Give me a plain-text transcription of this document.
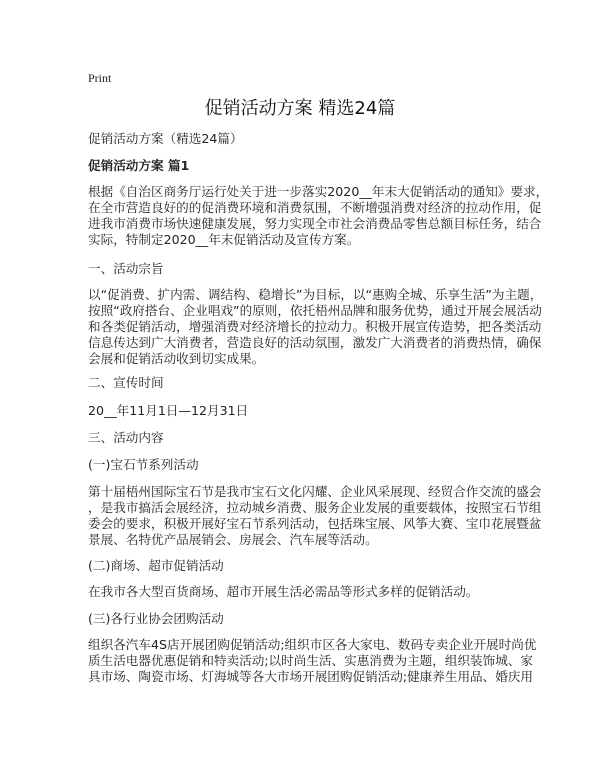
Print
促销活动方案 精选24篇
促销活动方案（精选24篇）
促销活动方案 篇1
根据《自治区商务厅运行处关于进一步落实2020__年末大促销活动的通知》要求，
在全市营造良好的的促消费环境和消费氛围，不断增强消费对经济的拉动作用，促
进我市消费市场快速健康发展，努力实现全市社会消费品零售总额目标任务，结合
实际，特制定2020__年末促销活动及宣传方案。
一、活动宗旨
以“促消费、扩内需、调结构、稳增长”为目标，以“惠购全城、乐享生活”为主题，
按照“政府搭台、企业唱戏”的原则，依托梧州品牌和服务优势，通过开展会展活动
和各类促销活动，增强消费对经济增长的拉动力。积极开展宣传造势，把各类活动
信息传达到广大消费者，营造良好的活动氛围，激发广大消费者的消费热情，确保
会展和促销活动收到切实成果。
二、宣传时间
20__年11月1日—12月31日
三、活动内容
(一)宝石节系列活动
第十届梧州国际宝石节是我市宝石文化闪耀、企业风采展现、经贸合作交流的盛会
，是我市搞活会展经济，拉动城乡消费、服务企业发展的重要载体，按照宝石节组
委会的要求，积极开展好宝石节系列活动，包括珠宝展、风筝大赛、宝巾花展暨盆
景展、名特优产品展销会、房展会、汽车展等活动。
(二)商场、超市促销活动
在我市各大型百货商场、超市开展生活必需品等形式多样的促销活动。
(三)各行业协会团购活动
组织各汽车4S店开展团购促销活动;组织市区各大家电、数码专卖企业开展时尚优
质生活电器优惠促销和特卖活动;以时尚生活、实惠消费为主题，组织装饰城、家
具市场、陶瓷市场、灯海城等各大市场开展团购促销活动;健康养生用品、婚庆用
